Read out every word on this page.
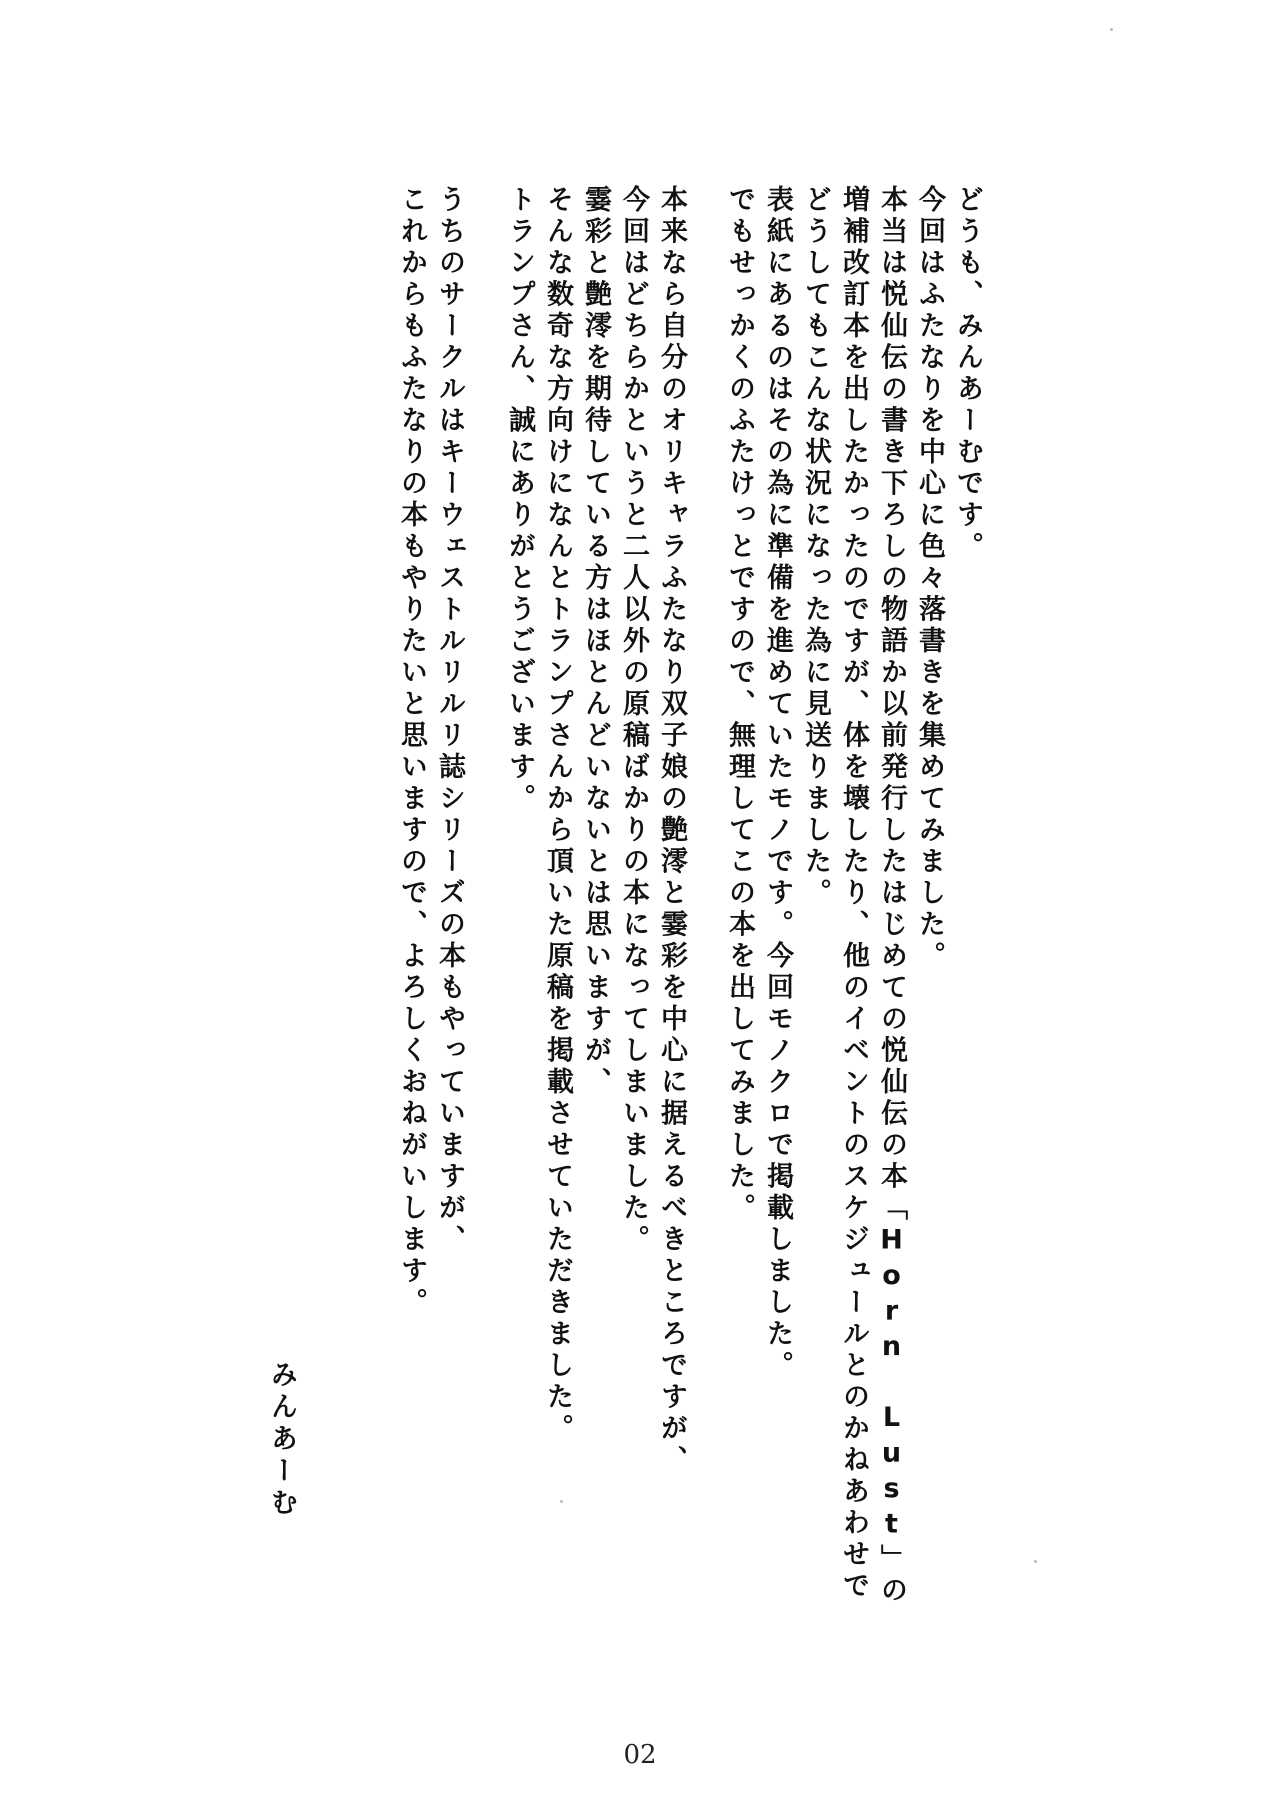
どうも、みんあーむです。
今回はふたなりを中心に色々落書きを集めてみました。
本当は悦仙伝の書き下ろしの物語か以前発行したはじめての悦仙伝の本「Horn Lust」の
増補改訂本を出したかったのですが、体を壊したり、他のイベントのスケジュールとのかねあわせで
どうしてもこんな状況になった為に見送りました。
表紙にあるのはその為に準備を進めていたモノです。今回モノクロで掲載しました。
でもせっかくのふたけっとですので、無理してこの本を出してみました。
本来なら自分のオリキャラふたなり双子娘の艶澪と霎彩を中心に据えるべきところですが、
今回はどちらかというと二人以外の原稿ばかりの本になってしまいました。
霎彩と艶澪を期待している方はほとんどいないとは思いますが、
そんな数奇な方向けになんとトランプさんから頂いた原稿を掲載させていただきました。
トランプさん、誠にありがとうございます。
うちのサークルはキーウェストルリルリ誌シリーズの本もやっていますが、
これからもふたなりの本もやりたいと思いますので、よろしくおねがいします。
みんあーむ
02
